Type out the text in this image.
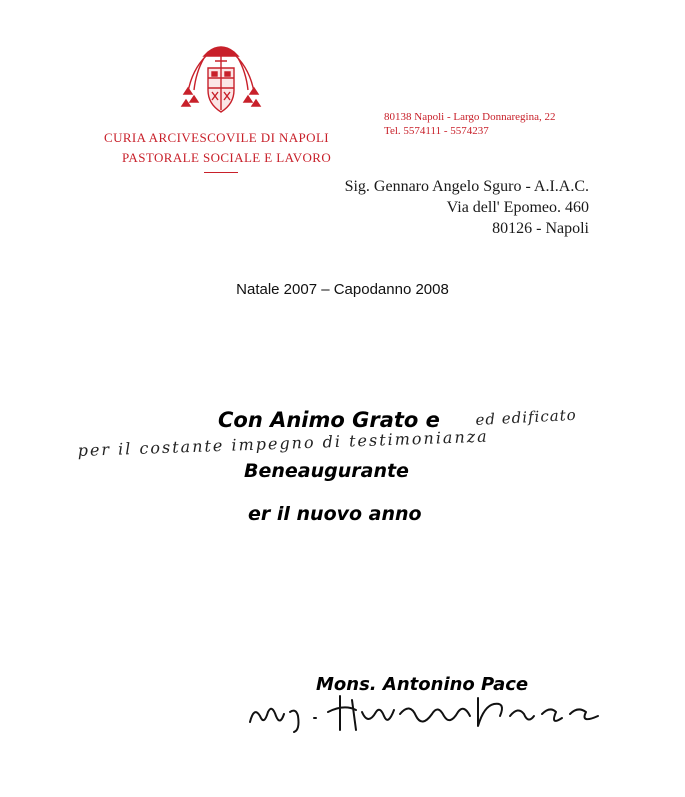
CURIA ARCIVESCOVILE DI NAPOLI
PASTORALE SOCIALE E LAVORO
80138 Napoli - Largo Donnaregina, 22
Tel. 5574111 - 5574237
Sig. Gennaro Angelo Sguro - A.I.A.C.
Via dell' Epomeo. 460
80126 - Napoli
Natale 2007 – Capodanno 2008
Con Animo Grato e ed edificato
per il costante impegno di testimonianza
Beneaugurante
er il nuovo anno
Mons. Antonino Pace
